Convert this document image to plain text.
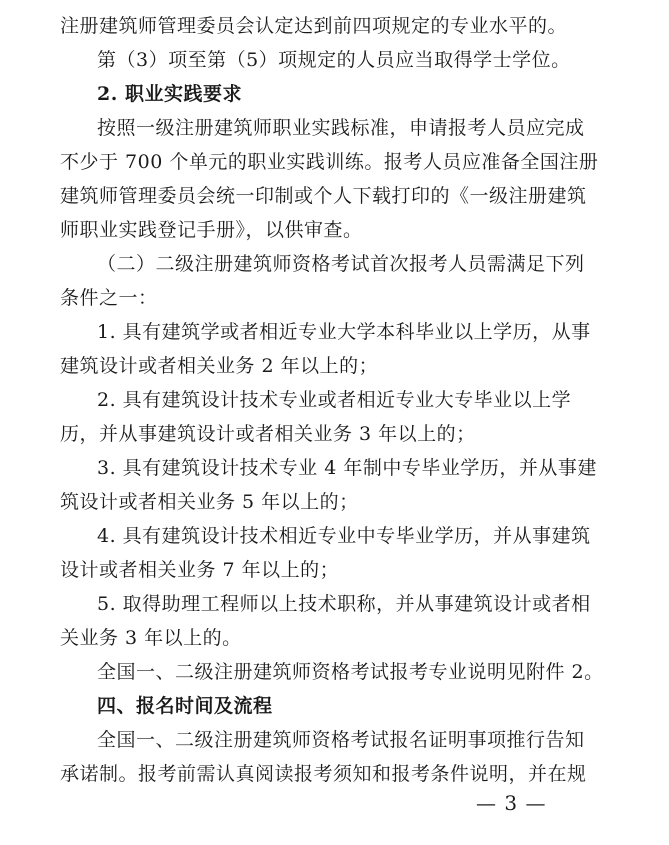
注册建筑师管理委员会认定达到前四项规定的专业水平的。
第（3）项至第（5）项规定的人员应当取得学士学位。
2. 职业实践要求
按照一级注册建筑师职业实践标准，申请报考人员应完成
不少于 700 个单元的职业实践训练。报考人员应准备全国注册
建筑师管理委员会统一印制或个人下载打印的《一级注册建筑
师职业实践登记手册》，以供审查。
（二）二级注册建筑师资格考试首次报考人员需满足下列
条件之一：
1. 具有建筑学或者相近专业大学本科毕业以上学历，从事
建筑设计或者相关业务 2 年以上的；
2. 具有建筑设计技术专业或者相近专业大专毕业以上学
历，并从事建筑设计或者相关业务 3 年以上的；
3. 具有建筑设计技术专业 4 年制中专毕业学历，并从事建
筑设计或者相关业务 5 年以上的；
4. 具有建筑设计技术相近专业中专毕业学历，并从事建筑
设计或者相关业务 7 年以上的；
5. 取得助理工程师以上技术职称，并从事建筑设计或者相
关业务 3 年以上的。
全国一、二级注册建筑师资格考试报考专业说明见附件 2。
四、报名时间及流程
全国一、二级注册建筑师资格考试报名证明事项推行告知
承诺制。报考前需认真阅读报考须知和报考条件说明，并在规
— 3 —
